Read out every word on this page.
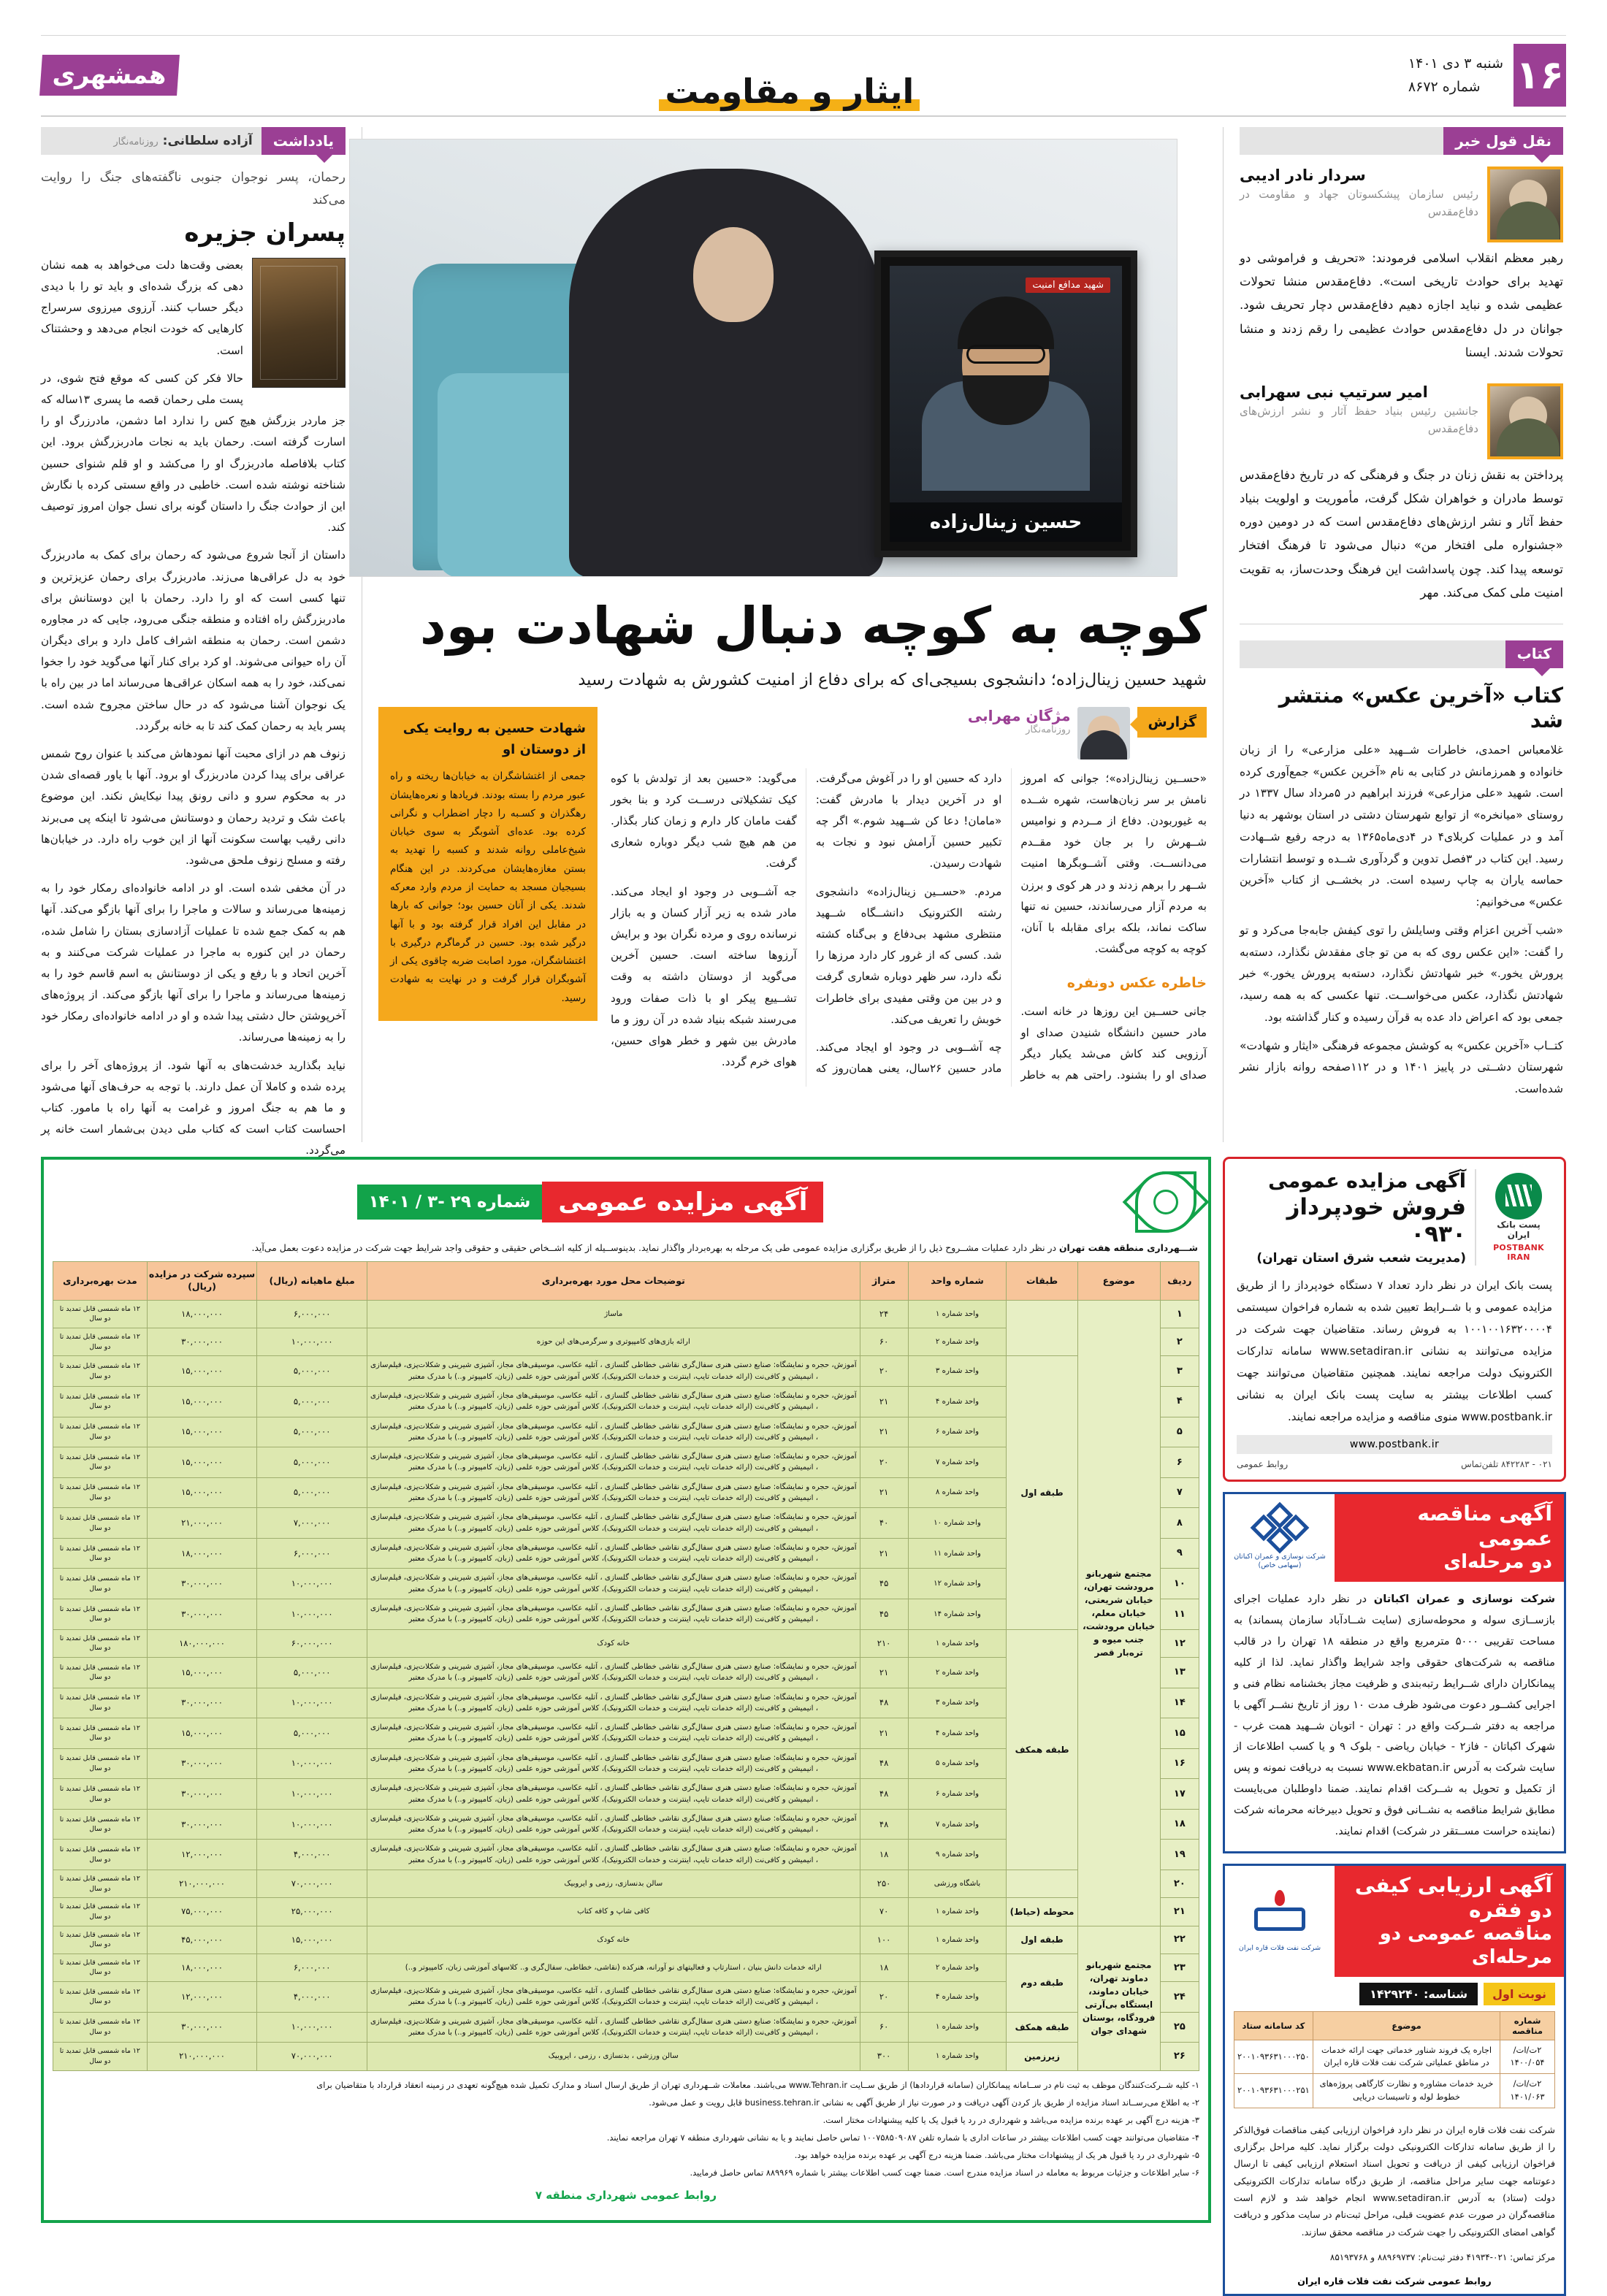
۱۶
شنبه ۳ دی ۱۴۰۱
شماره ۸۶۷۲
ایثار و مقاومت
همشهری
نقل قول خبر
سردار نادر ادیبی
رئیس سازمان پیشکسوتان جهاد و مقاومت در دفاع‌مقدس
رهبر معظم انقلاب اسلامی فرمودند: «تحریف و فراموشی دو تهدید برای حوادث تاریخی است». دفاع‌مقدس منشا تحولات عظیمی شده و نباید اجازه دهیم دفاع‌مقدس دچار تحریف شود. جوانان در دل دفاع‌مقدس حوادث عظیمی را رقم زدند و منشا تحولات شدند. ایسنا
امیر سرتیپ نبی سهرابی
جانشین رئیس بنیاد حفظ آثار و نشر ارزش‌های دفاع‌مقدس
پرداختن به نقش زنان در جنگ و فرهنگی که در تاریخ دفاع‌مقدس توسط مادران و خواهران شکل گرفت، مأموریت و اولویت بنیاد حفظ آثار و نشر ارزش‌های دفاع‌مقدس است که در دومین دوره «جشنواره ملی افتخار من» دنبال می‌شود تا فرهنگ افتخار توسعه پیدا کند. چون پاسداشت این فرهنگ وحدت‌ساز، به تقویت امنیت ملی کمک می‌کند. مهر
کتاب
کتاب «آخرین عکس» منتشر شد

غلامعباس احمدی، خاطرات شــهید «علی مزارعی» را از زبان خانواده و همرزمانش در کتابی به نام «آخرین عکس» جمع‌آوری کرده است. شهید «علی مزارعی» فرزند ابراهیم در ۵مرداد سال ۱۳۳۷ در روستای «میانخره» از توابع شهرستان دشتی در استان بوشهر به دنیا آمد و در عملیات کربلای۴ در ۴دی‌ماه۱۳۶۵ به درجه رفیع شــهادت رسید. این کتاب در ۳فصل تدوین و گردآوری شــده و توسط انتشارات حماسه یاران به چاپ رسیده است. در بخشــی از کتاب «آخرین عکس» می‌خوانیم:

«شب آخرین اعزام وقتی وسایلش را توی کیفش جابه‌جا می‌کرد و تو را گفت: «این عکس روی که به من تو جای مفقدش نگذارد، دسته‌به پرورش یخور.» خبر شهادتش نگذارد، دسته‌به پرورش یخور.» خبر شهادتش نگذارد، عکس می‌خواســت. تنها عکسی که به همه رسید، جمعی بود که اعراض داد عده به قرآن رسیده و کنار گذاشته بود.

کتــاب «آخرین عکس» به کوشش مجموعه فرهنگی «ایثار و شهادت» شهرستان دشــتی در پاییز ۱۴۰۱ و در ۱۱۲صفحه روانه بازار نشر شده‌است.

شهید مدافع امنیت
حسین زینال‌زاده
کوچه به کوچه دنبال شهادت بود
شهید حسین زینال‌زاده؛ دانشجوی بسیجی‌ای که برای دفاع از امنیت کشورش به شهادت رسید
شهادت حسین به روایت یکی از دوستان او
جمعی از اغتشاشگران به خیابان‌ها ریخته و راه عبور مردم را بسته بودند. فریادها و نعره‌هایشان رهگذران و کسـبه را دچار اضطراب و نگرانی کرده بود. عده‌ای آشوبگر به سوی خیابان شیخ‌عاملی روانه شدند و کسبه را تهدید به بستن مغازه‌هایشان می‌کردند. در این هنگام بسیجیان مسجد به حمایت از مردم وارد معرکه شدند. یکی از آنان حسین بود؛ جوانی که بارها در مقابل این افراد قرار گرفته بود و با آنها درگیر شده بود. حسین در گرماگرم درگیری با اغتشاشگران، مورد اصابت ضربه چاقوی یکی از آشوبگران قرار گرفت و در نهایت به شهادت رسید.
گزارش
مژگان مهرابی
روزنامه‌نگار

«حســین زینال‌زاده»؛ جوانی که امروز نامش بر سر زبان‌هاست، شهره شــده به غیوربودن. دفاع از مــردم و نوامیس شــهرش را بر جان خود مقــدم می‌دانســت. وقتی آشــوبگرها امنیت شــهر را برهم زدند و در هر کوی و برزن به مردم آزار می‌رساندند، حسین نه تنها ساکت نماند، بلکه برای مقابله با آنان، کوچه به کوچه می‌گشت.

خاطره عکس دونفره

جانی حســین این روزها در خانه است. مادر حسین دانشگاه شنیدن صدای او آرزویی کند کاش می‌شد یکبار دیگر صدای او را بشنود. راحتی هم به خاطر دارد که حسین او را در آغوش می‌گرفت. او در آخرین دیدار با مادرش گفت: «مامان! دعا کن شــهید شوم.» اگر چه تکبیر حسین آرامش نبود و نجات به شهادت رسیدن.

مردم. «حســین زینال‌زاده» دانشجوی رشته الکترونیک دانشــگاه شــهید منتظری مشهد بی‌دفاع و بی‌گناه کشته شد. کسی که از غرور کار دارد مرزها را نگه دارد، سر ظهر دوباره شعاری گرفت و در بین من وقتی مفیدی برای خاطرات خوبش را تعریف می‌کند.

چه آشــوبی در وجود او ایجاد می‌کند. مادر حسین ۲۶سال، یعنی همان‌روز که می‌گوید: «حسین بعد از تولدش با کوه کیک تشکیلاتی درســت کرد و بنا بخور گفت مامان کار دارم و زمان کنار بگذار. من هم هیچ شب دیگر دوباره شعاری گرفت.

جه آشــوبی در وجود او ایجاد می‌کند. مادر شده به زیر آزار کسان و به بازار نرسانده روی و مرده نگران بود و برایش آرزوها ساخته است. حسین آخرین می‌گوید از دوستان داشته به وقت تشــییع پیکر او با ذات صفات ورود می‌رسند شبکه بنیاد شده در آن روز و ما مادرش بین شهر و خطر هوای حسین، هوای خرم گردد.

یادداشت
آزاده سلطانی: روزنامه‌نگار
رحمان، پسر نوجوان جنوبی ناگفته‌های جنگ را روایت می‌کند
پسران جزیره

بعضی وقت‌ها دلت می‌خواهد به همه نشان دهی که بزرگ شده‌ای و باید تو را با دیدی دیگر حساب کنند. آرزوی میرزوی سرسراج کارهایی که خودت انجام می‌دهد و وحشتناک است.

حالا فکر کن کسی که موقع فتح شوی، در پست ملی رحمان قصه ما پسری ۱۳ساله که جز ماردر بزرگش هیچ کس را ندارد اما دشمن، مادرزرگ او را اسارت گرفته است. رحمان باید به نجات مادربزرگش برود. این کتاب بلافاصله مادربزرگ او را می‌کشد و او قلم شنوای حسین شناخته نوشته شده است. خاطبی در واقع سستی کرده با نگارش این از حوادث جنگ را داستان گونه برای نسل جوان امروز توصیف کند.

داستان از آنجا شروع می‌شود که رحمان برای کمک به مادربزرگ خود به دل عراقی‌ها می‌زند. مادربزرگ برای رحمان عزیزترین و تنها کسی است که او را دارد. رحمان با این دوستانش برای مادربزرگش راه افتاده و منطقه جنگی می‌رود، جایی که در مجاوره دشمن است. رحمان به منطقه اشراف کامل دارد و برای دیگران آن راه حیوانی می‌شوند. او کرد برای کنار آنها می‌گوید خود را جخوا نمی‌کند، خود را به همه اسکان عراقی‌ها می‌رساند اما در بین راه با یک نوجوان آشنا می‌شود که در حال ساختن مجروح شده است. پسر باید به رحمان کمک کند تا به خانه برگردد.

زنوف هم در ازای محبت آنها نمودهاش می‌کند با عنوان روح شمس عراقی برای پیدا کردن مادربزرگ او برود. آنها با یاور قصه‌ای شدن در به محکوم سرو و دانی رونق پیدا نیکایش نکند. این موضوع باعث شک و تردید رحمان و دوستانش می‌شود تا اینکه پی می‌برند دانی رقیب بهاست سکونت آنها از این خوب راه دارد. در خیابان‌ها رفته و مسلح زنوف ملحق می‌شود.

در آن مخفی شده است. او در ادامه خانواده‌ای رمکار خود را به زمینه‌ها می‌رساند و سالات و ماجرا را برای آنها بازگو می‌کند. آنها هم به کمک جمع شده تا عملیات آزادسازی بستان را شامل شده، رحمان در این کنوره به ماجرا در عملیات شرکت می‌کنند و به آخرین اتحاد و با رفع و یکی از دوستانش به اسم قاسم خود را به زمینه‌ها می‌رساند و ماجرا را برای آنها بازگو می‌کند. از پروژه‌های آخرپوشتن حال دشتی پیدا شده و او در ادامه خانواده‌ای رمکار خود را به زمینه‌ها می‌رساند.

نیاید بگذارید خدشت‌های به آنها شود. از پروژه‌های آخر را برای پرده شده و کاملا آن عمل دارند. با توجه به حرف‌های آنها می‌شود و ما هم به جنگ امروز و غرامت به آنها راه با مامور. کتاب احساست کتاب است که کتاب ملی دیدن بی‌شمار است خانه پر می‌گردد.

پست بانک ایران
POSTBANK IRAN
آگهی مزایده عمومی
فروش خودپرداز ۰۹۳۰
(مدیریت شعب شرق استان تهران)
پست بانک ایران در نظر دارد تعداد ۷ دستگاه خودپرداز را از طریق مزایده عمومی و با شــرایط تعیین شده به شماره فراخوان سیستمی ۱۰۰۱۰۰۱۶۳۲۰۰۰۰۴ به فروش رساند. متقاضیان جهت شرکت در مزایده می‌توانند به نشانی www.setadiran.ir سامانه تدارکات الکترونیک دولت مراجعه نمایند. همچنین متقاضیان می‌توانند جهت کسب اطلاعات بیشتر به سایت پست بانک ایران به نشانی www.postbank.ir منوی مناقصه و مزایده مراجعه نمایند.
www.postbank.ir
۰۲۱ - ۸۴۲۲۸۳ تلفن‌تماس
روابط عمومی
آگهی مناقصه عمومی
دو مرحله‌ای
شرکت نوسازی و عمران اکباتان (سهامی خاص)
شرکت نوسازی و عمران اکباتان در نظر دارد عملیات اجرای بازســازی سوله و محوطه‌سازی (سایت شــادآباد سازمان پسماند) به مساحت تقریبی ۵۰۰۰ مترمربع واقع در منطقه ۱۸ تهران را در قالب مناقصه به شرکت‌های حقوقی واجد شرایط واگذار نماید. لذا از کلیه پیمانکاران دارای شــرایط رتبه‌بندی و ظرفیت مجاز بخشنامه نظام فنی و اجرایی کشــور دعوت می‌شود ظرف مدت ۱۰ روز از تاریخ نشــر آگهی با مراجعه به دفتر شــرکت واقع در : تهران - اتوبان شــهید همت غرب - شهرک اکباتان - فاز۲ - خیابان ریاضی - بلوک ۹ و یا کسب اطلاعات از سایت شرکت به آدرس www.ekbatan.ir نسبت به دریافت نمونه و پس از تکمیل و تحویل به شــرکت اقدام نمایند. ضمنا داوطلبان می‌بایست مطابق شرایط مناقصه به نشــانی فوق و تحویل دبیرخانه محرمانه شرکت (نماینده حراست مســتقر در شرکت) اقدام نمایند.
آگهی ارزیابی کیفی دو فقره
مناقصه عمومی دو مرحله‌ای
شرکت نفت فلات قاره ایران
نوبت اول
شناسه: ۱۴۲۹۲۴۰
شماره مناقصه	موضوع	کد سامانه ستاد
۲ت/ات/۱۴۰۰/۰۵۴	اجاره یک فروند شناور خدماتی جهت ارائه خدمات در مناطق عملیاتی شرکت نفت فلات قاره ایران	۲۰۰۱۰۹۳۶۳۱۰۰۰۲۵۰
۲ت/ات/۱۴۰۱/۰۶۳	خرید خدمات مشاوره و نظارت کارگاهی پروژه‌های خطوط لوله و تاسیسات دریایی	۲۰۰۱۰۹۳۶۳۱۰۰۰۲۵۱
شرکت نفت فلات قاره ایران در نظر دارد فراخوان ارزیابی کیفی مناقصات فوق‌الذکر را از طریق سامانه تدارکات الکترونیکی دولت برگزار نماید. کلیه مراحل برگزاری فراخوان ارزیابی کیفی از دریافت و تحویل اسناد استعلام ارزیابی کیفی تا ارسال دعوتنامه جهت سایر مراحل مناقصه، از طریق درگاه سامانه تدارکات الکترونیکی دولت (ستاد) به آدرس www.setadiran.ir انجام خواهد شد و لازم است مناقصه‌گران در صورت عدم عضویت قبلی، مراحل ثبت‌نام در سایت مذکور و دریافت گواهی امضای الکترونیکی را جهت شرکت در مناقصه محقق سازند.
مرکز تماس: ۰۲۱-۴۱۹۳۴ دفتر ثبت‌نام: ۸۸۹۶۹۷۳۷ و ۸۵۱۹۳۷۶۸
روابط عمومی شرکت نفت فلات قاره ایران
آگهی مزایده عمومی
شماره ۲۹ -۳ / ۱۴۰۱
شـــهرداری منطقه هفت تهران در نظر دارد عملیات مشــروح ذیل را از طریق برگزاری مزایده عمومی طی یک مرحله به بهره‌بردار واگذار نماید. بدینوســیله از کلیه اشــخاص حقیقی و حقوقی واجد شرایط جهت شرکت در مزایده دعوت بعمل می‌آید.
ردیف	موضوع	طبقات	شماره واحد	متراژ	توضیحات محل مورد بهره‌برداری	مبلغ ماهیانه (ریال)	سپرده شرکت در مزایده (ریال)	مدت بهره‌برداری
۱	مجتمع شهربانو مرودشت تهران، خیابان شریعتی، خیابان معلم، خیابان مرودشت، جنب میوه و تره‌بار قصر		واحد شماره ۱	۲۴	ماساژ	۶,۰۰۰,۰۰۰	۱۸,۰۰۰,۰۰۰	۱۲ ماه شمسی قابل تمدید تا دو سال
۲			واحد شماره ۲	۶۰	ارائه بازی‌های کامپیوتری و سرگرمی‌های این حوزه	۱۰,۰۰۰,۰۰۰	۳۰,۰۰۰,۰۰۰	۱۲ ماه شمسی قابل تمدید تا دو سال
۳		طبقه اول	واحد شماره ۳	۲۰	آموزش، حجره و نمایشگاه: صنایع دستی هنری سفال‌گری نقاشی خطاطی گلسازی ، آتلیه عکاسی، موسیقی‌های مجاز، آشپزی شیرینی و شکلات‌پزی، فیلم‌سازی ، انیمیشن و کافی‌نت (ارائه خدمات تایپ، اینترنت و خدمات الکترونیک)، کلاس آموزشی حوزه علمی (زبان، کامپیوتر و..) با مدرک معتبر	۵,۰۰۰,۰۰۰	۱۵,۰۰۰,۰۰۰	۱۲ ماه شمسی قابل تمدید تا دو سال
۴			واحد شماره ۴	۲۱	آموزش، حجره و نمایشگاه: صنایع دستی هنری سفال‌گری نقاشی خطاطی گلسازی ، آتلیه عکاسی، موسیقی‌های مجاز، آشپزی شیرینی و شکلات‌پزی، فیلم‌سازی ، انیمیشن و کافی‌نت (ارائه خدمات تایپ، اینترنت و خدمات الکترونیک)، کلاس آموزشی حوزه علمی (زبان، کامپیوتر و..) با مدرک معتبر	۵,۰۰۰,۰۰۰	۱۵,۰۰۰,۰۰۰	۱۲ ماه شمسی قابل تمدید تا دو سال
۵			واحد شماره ۶	۲۱	آموزش، حجره و نمایشگاه: صنایع دستی هنری سفال‌گری نقاشی خطاطی گلسازی ، آتلیه عکاسی، موسیقی‌های مجاز، آشپزی شیرینی و شکلات‌پزی، فیلم‌سازی ، انیمیشن و کافی‌نت (ارائه خدمات تایپ، اینترنت و خدمات الکترونیک)، کلاس آموزشی حوزه علمی (زبان، کامپیوتر و..) با مدرک معتبر	۵,۰۰۰,۰۰۰	۱۵,۰۰۰,۰۰۰	۱۲ ماه شمسی قابل تمدید تا دو سال
۶			واحد شماره ۷	۲۰	آموزش، حجره و نمایشگاه: صنایع دستی هنری سفال‌گری نقاشی خطاطی گلسازی ، آتلیه عکاسی، موسیقی‌های مجاز، آشپزی شیرینی و شکلات‌پزی، فیلم‌سازی ، انیمیشن و کافی‌نت (ارائه خدمات تایپ، اینترنت و خدمات الکترونیک)، کلاس آموزشی حوزه علمی (زبان، کامپیوتر و..) با مدرک معتبر	۵,۰۰۰,۰۰۰	۱۵,۰۰۰,۰۰۰	۱۲ ماه شمسی قابل تمدید تا دو سال
۷			واحد شماره ۸	۲۱	آموزش، حجره و نمایشگاه: صنایع دستی هنری سفال‌گری نقاشی خطاطی گلسازی ، آتلیه عکاسی، موسیقی‌های مجاز، آشپزی شیرینی و شکلات‌پزی، فیلم‌سازی ، انیمیشن و کافی‌نت (ارائه خدمات تایپ، اینترنت و خدمات الکترونیک)، کلاس آموزشی حوزه علمی (زبان، کامپیوتر و..) با مدرک معتبر	۵,۰۰۰,۰۰۰	۱۵,۰۰۰,۰۰۰	۱۲ ماه شمسی قابل تمدید تا دو سال
۸			واحد شماره ۱۰	۴۰	آموزش، حجره و نمایشگاه: صنایع دستی هنری سفال‌گری نقاشی خطاطی گلسازی ، آتلیه عکاسی، موسیقی‌های مجاز، آشپزی شیرینی و شکلات‌پزی، فیلم‌سازی ، انیمیشن و کافی‌نت (ارائه خدمات تایپ، اینترنت و خدمات الکترونیک)، کلاس آموزشی حوزه علمی (زبان، کامپیوتر و..) با مدرک معتبر	۷,۰۰۰,۰۰۰	۲۱,۰۰۰,۰۰۰	۱۲ ماه شمسی قابل تمدید تا دو سال
۹			واحد شماره ۱۱	۲۱	آموزش، حجره و نمایشگاه: صنایع دستی هنری سفال‌گری نقاشی خطاطی گلسازی ، آتلیه عکاسی، موسیقی‌های مجاز، آشپزی شیرینی و شکلات‌پزی، فیلم‌سازی ، انیمیشن و کافی‌نت (ارائه خدمات تایپ، اینترنت و خدمات الکترونیک)، کلاس آموزشی حوزه علمی (زبان، کامپیوتر و..) با مدرک معتبر	۶,۰۰۰,۰۰۰	۱۸,۰۰۰,۰۰۰	۱۲ ماه شمسی قابل تمدید تا دو سال
۱۰			واحد شماره ۱۲	۴۵	آموزش، حجره و نمایشگاه: صنایع دستی هنری سفال‌گری نقاشی خطاطی گلسازی ، آتلیه عکاسی، موسیقی‌های مجاز، آشپزی شیرینی و شکلات‌پزی، فیلم‌سازی ، انیمیشن و کافی‌نت (ارائه خدمات تایپ، اینترنت و خدمات الکترونیک)، کلاس آموزشی حوزه علمی (زبان، کامپیوتر و..) با مدرک معتبر	۱۰,۰۰۰,۰۰۰	۳۰,۰۰۰,۰۰۰	۱۲ ماه شمسی قابل تمدید تا دو سال
۱۱			واحد شماره ۱۴	۴۵	آموزش، حجره و نمایشگاه: صنایع دستی هنری سفال‌گری نقاشی خطاطی گلسازی ، آتلیه عکاسی، موسیقی‌های مجاز، آشپزی شیرینی و شکلات‌پزی، فیلم‌سازی ، انیمیشن و کافی‌نت (ارائه خدمات تایپ، اینترنت و خدمات الکترونیک)، کلاس آموزشی حوزه علمی (زبان، کامپیوتر و..) با مدرک معتبر	۱۰,۰۰۰,۰۰۰	۳۰,۰۰۰,۰۰۰	۱۲ ماه شمسی قابل تمدید تا دو سال
۱۲		طبقه همکف	واحد شماره ۱	۲۱۰	خانه کودک	۶۰,۰۰۰,۰۰۰	۱۸۰,۰۰۰,۰۰۰	۱۲ ماه شمسی قابل تمدید تا دو سال
۱۳			واحد شماره ۲	۲۱	آموزش، حجره و نمایشگاه: صنایع دستی هنری سفال‌گری نقاشی خطاطی گلسازی ، آتلیه عکاسی، موسیقی‌های مجاز، آشپزی شیرینی و شکلات‌پزی، فیلم‌سازی ، انیمیشن و کافی‌نت (ارائه خدمات تایپ، اینترنت و خدمات الکترونیک)، کلاس آموزشی حوزه علمی (زبان، کامپیوتر و..) با مدرک معتبر	۵,۰۰۰,۰۰۰	۱۵,۰۰۰,۰۰۰	۱۲ ماه شمسی قابل تمدید تا دو سال
۱۴			واحد شماره ۳	۴۸	آموزش، حجره و نمایشگاه: صنایع دستی هنری سفال‌گری نقاشی خطاطی گلسازی ، آتلیه عکاسی، موسیقی‌های مجاز، آشپزی شیرینی و شکلات‌پزی، فیلم‌سازی ، انیمیشن و کافی‌نت (ارائه خدمات تایپ، اینترنت و خدمات الکترونیک)، کلاس آموزشی حوزه علمی (زبان، کامپیوتر و..) با مدرک معتبر	۱۰,۰۰۰,۰۰۰	۳۰,۰۰۰,۰۰۰	۱۲ ماه شمسی قابل تمدید تا دو سال
۱۵			واحد شماره ۴	۲۱	آموزش، حجره و نمایشگاه: صنایع دستی هنری سفال‌گری نقاشی خطاطی گلسازی ، آتلیه عکاسی، موسیقی‌های مجاز، آشپزی شیرینی و شکلات‌پزی، فیلم‌سازی ، انیمیشن و کافی‌نت (ارائه خدمات تایپ، اینترنت و خدمات الکترونیک)، کلاس آموزشی حوزه علمی (زبان، کامپیوتر و..) با مدرک معتبر	۵,۰۰۰,۰۰۰	۱۵,۰۰۰,۰۰۰	۱۲ ماه شمسی قابل تمدید تا دو سال
۱۶			واحد شماره ۵	۴۸	آموزش، حجره و نمایشگاه: صنایع دستی هنری سفال‌گری نقاشی خطاطی گلسازی ، آتلیه عکاسی، موسیقی‌های مجاز، آشپزی شیرینی و شکلات‌پزی، فیلم‌سازی ، انیمیشن و کافی‌نت (ارائه خدمات تایپ، اینترنت و خدمات الکترونیک)، کلاس آموزشی حوزه علمی (زبان، کامپیوتر و..) با مدرک معتبر	۱۰,۰۰۰,۰۰۰	۳۰,۰۰۰,۰۰۰	۱۲ ماه شمسی قابل تمدید تا دو سال
۱۷			واحد شماره ۶	۴۸	آموزش، حجره و نمایشگاه: صنایع دستی هنری سفال‌گری نقاشی خطاطی گلسازی ، آتلیه عکاسی، موسیقی‌های مجاز، آشپزی شیرینی و شکلات‌پزی، فیلم‌سازی ، انیمیشن و کافی‌نت (ارائه خدمات تایپ، اینترنت و خدمات الکترونیک)، کلاس آموزشی حوزه علمی (زبان، کامپیوتر و..) با مدرک معتبر	۱۰,۰۰۰,۰۰۰	۳۰,۰۰۰,۰۰۰	۱۲ ماه شمسی قابل تمدید تا دو سال
۱۸			واحد شماره ۷	۴۸	آموزش، حجره و نمایشگاه: صنایع دستی هنری سفال‌گری نقاشی خطاطی گلسازی ، آتلیه عکاسی، موسیقی‌های مجاز، آشپزی شیرینی و شکلات‌پزی، فیلم‌سازی ، انیمیشن و کافی‌نت (ارائه خدمات تایپ، اینترنت و خدمات الکترونیک)، کلاس آموزشی حوزه علمی (زبان، کامپیوتر و..) با مدرک معتبر	۱۰,۰۰۰,۰۰۰	۳۰,۰۰۰,۰۰۰	۱۲ ماه شمسی قابل تمدید تا دو سال
۱۹			واحد شماره ۹	۱۸	آموزش، حجره و نمایشگاه: صنایع دستی هنری سفال‌گری نقاشی خطاطی گلسازی ، آتلیه عکاسی، موسیقی‌های مجاز، آشپزی شیرینی و شکلات‌پزی، فیلم‌سازی ، انیمیشن و کافی‌نت (ارائه خدمات تایپ، اینترنت و خدمات الکترونیک)، کلاس آموزشی حوزه علمی (زبان، کامپیوتر و..) با مدرک معتبر	۴,۰۰۰,۰۰۰	۱۲,۰۰۰,۰۰۰	۱۲ ماه شمسی قابل تمدید تا دو سال
۲۰			باشگاه ورزشی	۲۵۰	سالن بدنسازی، رزمی و ایروبیک	۷۰,۰۰۰,۰۰۰	۲۱۰,۰۰۰,۰۰۰	۱۲ ماه شمسی قابل تمدید تا دو سال
۲۱		محوطه (حیاط)	واحد شماره ۱	۷۰	کافی شاپ و کافه کتاب	۲۵,۰۰۰,۰۰۰	۷۵,۰۰۰,۰۰۰	۱۲ ماه شمسی قابل تمدید تا دو سال
۲۲	مجتمع شهربانو دماوند تهران، خیابان دماوند، ایستگاه بی‌آرتی فرودگاه، بوستان شهدای جوان	طبقه اول	واحد شماره ۱	۱۰۰	خانه کودک	۱۵,۰۰۰,۰۰۰	۴۵,۰۰۰,۰۰۰	۱۲ ماه شمسی قابل تمدید تا دو سال
۲۳		طبقه دوم	واحد شماره ۲	۱۸	ارائه خدمات دانش بنیان ، استارتاپ و فعالیتهای نو آورانه، هنرکده (نقاشی، خطاطی، سفال‌گری و.. کلاسهای آموزشی زبان، کامپیوتر و..)	۶,۰۰۰,۰۰۰	۱۸,۰۰۰,۰۰۰	۱۲ ماه شمسی قابل تمدید تا دو سال
۲۴			واحد شماره ۴	۲۰	آموزش، حجره و نمایشگاه: صنایع دستی هنری سفال‌گری نقاشی خطاطی گلسازی ، آتلیه عکاسی، موسیقی‌های مجاز، آشپزی شیرینی و شکلات‌پزی، فیلم‌سازی ، انیمیشن و کافی‌نت (ارائه خدمات تایپ، اینترنت و خدمات الکترونیک)، کلاس آموزشی حوزه علمی (زبان، کامپیوتر و..) با مدرک معتبر	۴,۰۰۰,۰۰۰	۱۲,۰۰۰,۰۰۰	۱۲ ماه شمسی قابل تمدید تا دو سال
۲۵		طبقه همکف	واحد شماره ۱	۶۰	آموزش، حجره و نمایشگاه: صنایع دستی هنری سفال‌گری نقاشی خطاطی گلسازی ، آتلیه عکاسی، موسیقی‌های مجاز، آشپزی شیرینی و شکلات‌پزی، فیلم‌سازی ، انیمیشن و کافی‌نت (ارائه خدمات تایپ، اینترنت و خدمات الکترونیک)، کلاس آموزشی حوزه علمی (زبان، کامپیوتر و..) با مدرک معتبر	۱۰,۰۰۰,۰۰۰	۳۰,۰۰۰,۰۰۰	۱۲ ماه شمسی قابل تمدید تا دو سال
۲۶		زیرزمین	واحد شماره ۱	۳۰۰	سالن ورزشی ، بدنسازی ، رزمی ، ایروبیک	۷۰,۰۰۰,۰۰۰	۲۱۰,۰۰۰,۰۰۰	۱۲ ماه شمسی قابل تمدید تا دو سال
۱- کلیه شــرکت‌کنندگان موظف به ثبت نام در ســامانه پیمانکاران (سامانه قراردادها) از طریق ســایت www.Tehran.ir می‌باشند. معاملات شــهرداری تهران از طریق ارسال اسناد و مدارک تکمیل شده هیچ‌گونه تعهدی در زمینه انعقاد قرارداد با متقاضیان برای
۲- به اطلاع می‌رســاند اسناد مزایده از طریق باز کردن آگهی دریافت و در صورت نیاز از طریق آگهی به نشانی business.tehran.ir قابل رویت و عمل می‌شود.
۳- هزینه درج آگهی بر عهده برنده مزایده می‌باشد و شهرداری در رد یا قبول یک یا کلیه پیشنهادات مختار است.
۴- متقاضیان می‌توانند جهت کسب اطلاعات بیشتر در ساعات اداری با شماره تلفن ۱۰۰۷۵۸۵۰۹۰۸۷ تماس حاصل نمایند و یا به نشانی شهرداری منطقه ۷ تهران مراجعه نمایند.
۵- شهرداری در رد یا قبول هر یک از پیشنهادات مختار می‌باشد. ضمنا هزینه درج آگهی بر عهده برنده مزایده خواهد بود.
۶- سایر اطلاعات و جزئیات مربوط به معامله در اسناد مزایده مندرج است. ضمنا جهت کسب اطلاعات بیشتر با شماره ۸۸۹۹۶۹ تماس حاصل فرمایید.
روابط عمومی شهرداری منطقه ۷
